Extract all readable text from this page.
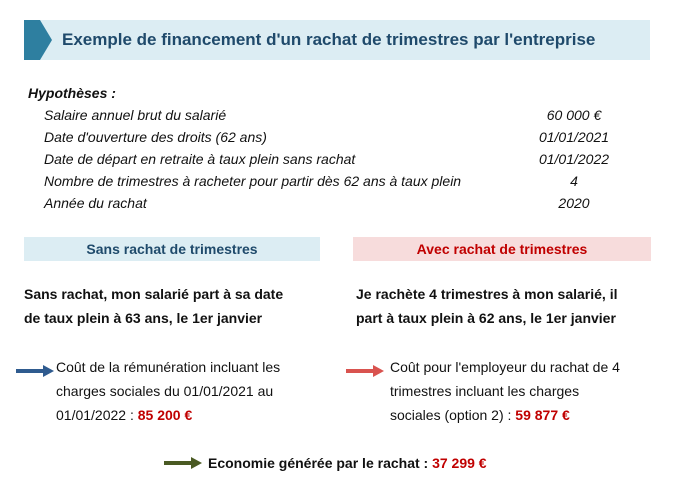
Exemple de financement d'un rachat de trimestres par l'entreprise
Hypothèses :
Salaire annuel brut du salarié	60 000 €
Date d'ouverture des droits (62 ans)	01/01/2021
Date de départ en retraite à taux plein sans rachat	01/01/2022
Nombre de trimestres à racheter pour partir dès 62 ans à taux plein	4
Année du rachat	2020
Sans rachat de trimestres	Avec rachat de trimestres
Sans rachat, mon salarié part à sa date
de taux plein à 63 ans, le 1er janvier
Je rachète 4 trimestres à mon salarié, il
part à taux plein à 62 ans, le 1er janvier
Coût de la rémunération incluant les
charges sociales du 01/01/2021 au
01/01/2022 : 85 200 €
Coût pour l'employeur du rachat de 4
trimestres incluant les charges
sociales (option 2) : 59 877 €
Economie générée par le rachat : 37 299 €
